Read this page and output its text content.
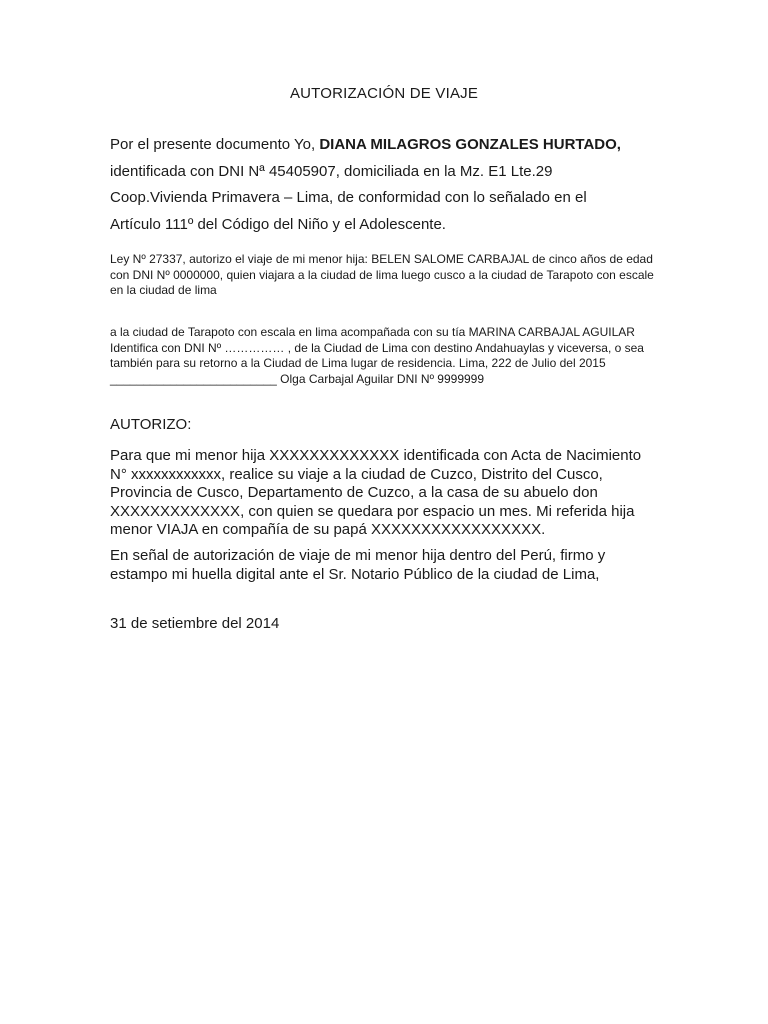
AUTORIZACIÓN DE VIAJE
Por el presente documento Yo, DIANA MILAGROS GONZALES HURTADO,
identificada con DNI Nª 45405907, domiciliada en la Mz. E1 Lte.29
Coop.Vivienda Primavera – Lima, de conformidad con lo señalado en el
Artículo 111º del Código del Niño y el Adolescente.
Ley Nº 27337, autorizo el viaje de mi menor hija: BELEN SALOME CARBAJAL de cinco años de edad con DNI Nº 0000000, quien viajara a la ciudad de lima luego cusco a la ciudad de Tarapoto con escale en la ciudad de lima
a la ciudad de Tarapoto con escala en lima acompañada con su tía MARINA CARBAJAL AGUILAR Identifica con DNI Nº …………… , de la Ciudad de Lima con destino Andahuaylas y viceversa, o sea también para su retorno a la Ciudad de Lima lugar de residencia. Lima, 222 de Julio del 2015 _________________________ Olga Carbajal Aguilar DNI Nº 9999999
AUTORIZO:
Para que mi menor hija XXXXXXXXXXXXX identificada con Acta de Nacimiento N° xxxxxxxxxxxx, realice su viaje a la ciudad de Cuzco, Distrito del Cusco, Provincia de Cusco, Departamento de Cuzco, a la casa de su abuelo don XXXXXXXXXXXXX, con quien se quedara por espacio un mes. Mi referida hija menor VIAJA en compañía de su papá XXXXXXXXXXXXXXXXX.
En señal de autorización de viaje de mi menor hija dentro del Perú, firmo y estampo mi huella digital ante el Sr. Notario Público de la ciudad de Lima,
31 de setiembre del 2014
